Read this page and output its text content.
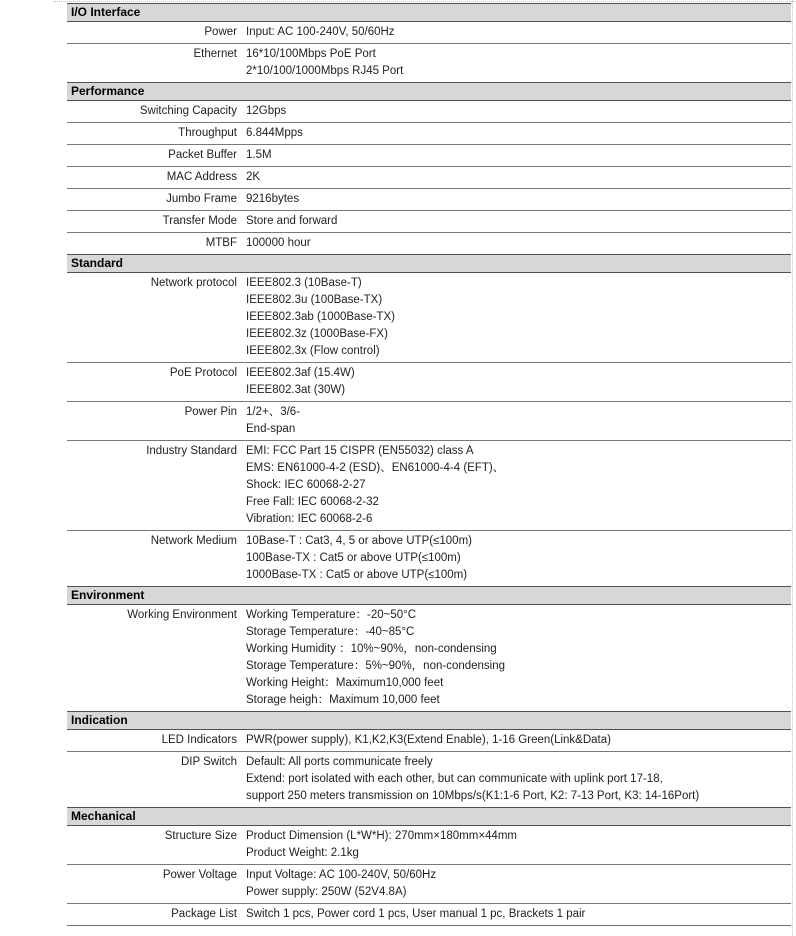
I/O Interface
Power Input: AC 100-240V, 50/60Hz
Ethernet 16*10/100Mbps PoE Port
2*10/100/1000Mbps RJ45 Port
Performance
Switching Capacity 12Gbps
Throughput 6.844Mpps
Packet Buffer 1.5M
MAC Address 2K
Jumbo Frame 9216bytes
Transfer Mode Store and forward
MTBF 100000 hour
Standard
Network protocol IEEE802.3 (10Base-T)
IEEE802.3u (100Base-TX)
IEEE802.3ab (1000Base-TX)
IEEE802.3z (1000Base-FX)
IEEE802.3x (Flow control)
PoE Protocol IEEE802.3af (15.4W)
IEEE802.3at (30W)
Power Pin 1/2+、3/6-
End-span
Industry Standard EMI: FCC Part 15 CISPR (EN55032) class A
EMS: EN61000-4-2 (ESD)、EN61000-4-4 (EFT)、
Shock: IEC 60068-2-27
Free Fall: IEC 60068-2-32
Vibration: IEC 60068-2-6
Network Medium 10Base-T : Cat3, 4, 5 or above UTP(≤100m)
100Base-TX : Cat5 or above UTP(≤100m)
1000Base-TX : Cat5 or above UTP(≤100m)
Environment
Working Environment Working Temperature：-20~50°C
Storage Temperature：-40~85°C
Working Humidity ：10%~90%，non-condensing
Storage Temperature：5%~90%，non-condensing
Working Height：Maximum10,000 feet
Storage heigh：Maximum 10,000 feet
Indication
LED Indicators PWR(power supply), K1,K2,K3(Extend Enable), 1-16 Green(Link&Data)
DIP Switch Default: All ports communicate freely
Extend: port isolated with each other, but can communicate with uplink port 17-18,
support 250 meters transmission on 10Mbps/s(K1:1-6 Port, K2: 7-13 Port, K3: 14-16Port)
Mechanical
Structure Size Product Dimension (L*W*H): 270mm×180mm×44mm
Product Weight: 2.1kg
Power Voltage Input Voltage: AC 100-240V, 50/60Hz
Power supply: 250W (52V4.8A)
Package List Switch 1 pcs, Power cord 1 pcs, User manual 1 pc, Brackets 1 pair
